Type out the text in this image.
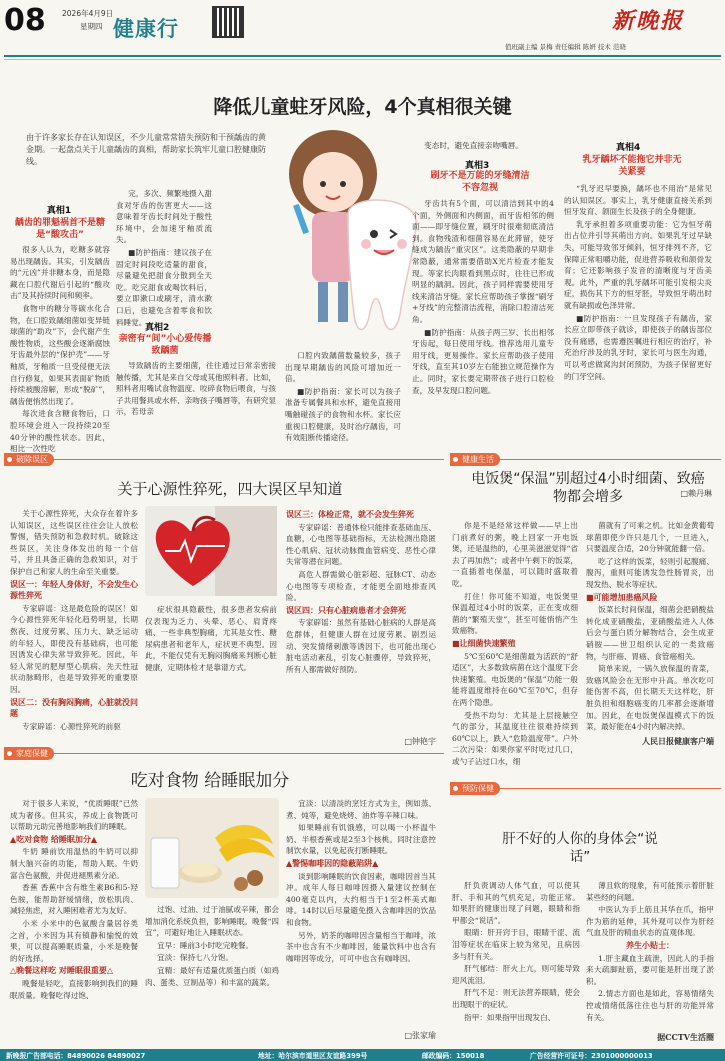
08 2026年4月9日
星期四 健康行	新晚报
值班副主编 景梅 责任编辑 陈妍 技术 范晓
降低儿童蛀牙风险，4个真相很关键
由于许多家长存在认知误区，不少儿童常常错失预防和干预龋齿的黄金期。一起盘点关于儿童龋齿的真相，帮助家长筑牢儿童口腔健康防线。
真相1
龋齿的罪魁祸首不是糖是“酸攻击”

很多人认为，吃糖多就容易出现龋齿。其实，引发龋齿的“元凶”并非糖本身，而是隐藏在口腔代谢后引起的“酸攻击”及其持续时间和频率。

食物中的糖分等碳水化合物，在口腔致龋细菌如变异链球菌的“助攻”下，会代谢产生酸性物质，这些酸会逐渐腐蚀牙齿最外层的“保护壳”——牙釉质，牙釉质一旦受侵便无法自行修复，如果其表面矿物质持续被酸溶解，形成“脱矿”，龋齿便悄然出现了。

每次进食含糖食物后，口腔环境会进入一段持续20至40分钟的酸性状态。因此，相比一次性吃

完，多次、频繁地摄入甜食对牙齿的伤害更大——这意味着牙齿长时间处于酸性环境中，会加速牙釉质流失。

■防护指南：建议孩子在固定时间段吃适量的甜食，尽量避免把甜食分散到全天吃。吃完甜食或喝饮料后，要立即漱口或刷牙，清水漱口后，也避免含着零食和饮料睡觉。

真相2
亲密有“间”小心爱传播致龋菌

导致龋齿的主要细菌，往往通过日常亲密接触传播，尤其是来自父母或其他照料者。比如，照料者用嘴试食物温度、咬碎食物后喂食，与孩子共用餐具或水杯、亲吻孩子嘴唇等，有研究显示，若母亲

口腔内致龋菌数量较多，孩子出现早期龋齿的风险可增加近一倍。

■防护指南：家长可以为孩子准备专属餐具和水杯，避免直接用嘴触碰孩子的食物和水杯。家长应重视口腔健康，及时治疗龋齿，可有效阻断传播途径。

变态时，避免直接亲吻嘴唇。

真相3
刷牙不是万能的牙缝清洁不容忽视

牙齿共有5个面，可以清洁到其中的4个面，外侧面和内侧面，而牙齿相邻的侧面——即牙缝位置，刷牙时很难彻底清洁到。食物残渣和细菌容易在此滞留，使牙缝成为龋齿“重灾区”。这类隐蔽的早期非常隐蔽，通常需要借助X光片检查才能发现。等家长肉眼看到黑点时，往往已形成明显的龋洞。因此，孩子同样需要使用牙线来清洁牙缝。家长应帮助孩子掌握“刷牙+牙线”的完整清洁流程，消除口腔清洁死角。

■防护指南：从孩子两三岁、长出相邻牙齿起，每日使用牙线。推荐选用儿童专用牙线，更易操作。家长应帮助孩子使用牙线，直至其10岁左右能独立规范操作为止。同时，家长要定期带孩子进行口腔检查，及早发现口腔问题。

真相4
乳牙龋坏不能拖它并非无关紧要

“乳牙迟早要换，龋坏也不用治”是常见的认知误区。事实上，乳牙健康直接关系到恒牙发育、颌面生长及孩子的全身健康。

乳牙承担着多项重要功能：它为恒牙萌出占位并引导其萌出方向。如果乳牙过早缺失，可能导致邻牙倾斜，恒牙排列不齐，它保障正常咀嚼功能，促进营养吸收和颌骨发育；它还影响孩子发音的清晰度与牙齿美观。此外，严重的乳牙龋坏可能引发根尖炎症，损伤其下方的恒牙胚，导致恒牙萌出时就有缺损或色泽异常。

■防护指南：一旦发现孩子有龋齿，家长应立即带孩子就诊，即使孩子的龋齿部位没有痛感，也需遵医嘱进行相应的治疗，补充治疗涉及的乳牙时，家长可与医生沟通，可以考虑做窝沟封闭预防，为孩子保留更好的门牙空间。

□赖丹琳
破除误区
关于心源性猝死，四大误区早知道

关于心源性猝死，大众存在着许多认知误区，这些误区往往会让人放松警惕，错失预防和急救时机。破除这些误区，关注身体发出的每一个信号，并且具备正确的急救知识，对于保护自己和家人的生命至关重要。

误区一：年轻人身体好，不会发生心源性猝死

专家辟谣：这是最危险的误区！如今心源性猝死年轻化趋势明显，长期熬夜、过度劳累、压力大、缺乏运动的年轻人，即使没有基础病，也可能因诱发心律失常导致猝死。因此，年轻人常见的肥厚型心肌病、先天性冠状动脉畸形，也是导致猝死的重要原因。

误区二：没有胸闷胸痛，心脏就没问题

专家辟谣：心源性猝死的前驱

症状很具隐蔽性，很多患者发病前仅表现为乏力、头晕、恶心、肩背疼痛、一些非典型胸痛，尤其是女性、糖尿病患者和老年人，症状更不典型。因此，不能仅凭有无胸闷胸痛来判断心脏健康，定期体检才是靠谱方式。

误区三：体检正常，就不会发生猝死

专家辟谣：普通体检只能排查基础血压、血糖，心电图等基础指标，无法检测出隐匿性心肌病、冠状动脉微血管病变、恶性心律失常等潜在问题。

高危人群需做心脏彩超、冠脉CT、动态心电图等专项检查，才能更全面地排查风险。

误区四：只有心脏病患者才会猝死

专家辟谣：虽然有基础心脏病的人群是高危群体，但健康人群在过度劳累、剧烈运动、突发情绪刺激等诱因下，也可能出现心脏电活动紊乱，引发心脏骤停，导致猝死，所有人都需做好预防。

□钟艳宇
健康生活
电饭煲“保温”别超过4小时细菌、致癌物都会增多

你是不是经常这样做——早上出门前煮好的粥，晚上回家一开电饭煲，还是温热的，心里美滋滋觉得“省去了再加热”；或者中午剩下的饭菜，一直插着电保温，可以随时盛取着吃。

打住！你可能不知道，电饭煲里保温超过4小时的饭菜，正在变成细菌的“繁殖天堂”，甚至可能悄悄产生致癌物。

■让细菌快速繁殖

5℃至60℃是细菌最为活跃的“舒适区”，大多数致病菌在这个温度下会快速繁殖。电饭煲的“保温”功能一般能将温度维持在60℃至70℃，但存在两个隐患。

受热不均匀：尤其是上层接触空气的部分，其温度往往很难持续到60℃以上，跌入“危险温度带”。户外二次污染：如果你家平时吃过几口，或勺子沾过口水，细

菌就有了可乘之机。比如金黄葡萄球菌即使少许只是几个，一旦进入，只要温度合适，20分钟就能翻一倍。

吃了这样的饭菜，轻则引起腹痛、腹泻，重则可能诱发急性肠胃炎，出现发热、脱水等症状。

■可能增加患癌风险

饭菜长时间保温，细菌会把硝酸盐转化成亚硝酸盐，亚硝酸盐进入人体后会与蛋白质分解物结合，会生成亚硝胺——世卫组织认定的一类致癌物，与肝癌、胃癌、食管癌相关。

简单来说，一锅久放保温的青菜，致癌风险会在无形中升高。单次吃可能伤害不高，但长期天天这样吃，肝脏负担和细胞癌变的几率都会逐渐增加。因此，在电饭煲保温模式下的饭菜，最好能在4小时内解决掉。

人民日报健康客户端
家庭保健
吃对食物 给睡眠加分

对于很多人来说，“优质睡眠”已然成为奢侈。但其实，养成上食物既可以帮助元助完善地影响我们的睡眠。

▲吃对食物 给睡眠加分▲

牛奶 睡前饮用温热的牛奶可以抑制大脑兴奋的功能，帮助入眠。牛奶富含色氨酸，并促进褪黑素分泌。

香蕉 香蕉中含有维生素B6和5-羟色胺，能帮助舒缓情绪，放松肌肉、减轻焦虑，对入睡困难者尤为友好。

小米 小米中的色氨酸含量居谷类之首，小米因为其有镇静和愉悦的效果，可以提高睡眠质量，小米是晚餐的好选择。

△晚餐这样吃 对睡眠很重要△

晚餐是轻吃，直接影响到我们的睡眠质量。晚餐吃得过饱、

过饱、过油、过于油腻或辛辣，都会增加消化系统负担，影响睡眠。晚餐“四宜”，可避好地让入睡眠状态。

宜早：睡前3小时吃完晚餐。

宜淡：保持七八分饱。

宜精：最好有适量优质蛋白质（如鸡肉、蛋类、豆制品等）和丰富的蔬菜。

宜淡：以清淡的烹饪方式为主，例如蒸、煮、炖等，避免烧烤、油炸等辛辣口味。

如果睡前有饥饿感，可以喝一小杯温牛奶、半根香蕉或是2至3个核桃。同时注意控制饮水量，以免起夜打断睡眠。

▲警惕咖啡因的隐蔽陷阱▲

谈到影响睡眠的饮食因素，咖啡因首当其冲。成年人每日咖啡因摄入量建议控制在400毫克以内，大约相当于1至2杯美式咖啡。14时以后尽量避免摄入含咖啡因的饮品和食物。

另外，奶茶的咖啡因含量相当于咖啡，浓茶中也含有不少咖啡因，能量饮料中也含有咖啡因等成分，可可中也含有咖啡因。

□张家瑜
预防保健
肝不好的人你的身体会“说话”

肝负责调动人体气血，可以使其肝、手和其的气机充足，功能正常。如果肝的健康出现了问题，眼睛和指甲都会“说话”。

眼睛：肝开窍于目，眼睛干涩、流泪等症状在临床上较为常见，且病因多与肝有关。

肝气郁结：肝火上亢，则可能导致迎风流泪。

肝气不足：则无法营养眼睛，使会出现眼干的症状。

指甲：如果指甲出现发白、

薄且软的现象，有可能预示着肝脏某些经的问题。

中医认为手上筋且其华在爪，指甲作为筋的延伸，其外观可以作为肝经气血及肝的精血状态的直观体现。

养生小贴士：

1.肝主藏血主疏泄，因此人的手指来大疏脚趾筋，要可能是肝出现了淤积。

2.情志方面也是如此，容易情绪失控或情绪低落往往也与肝的功能异常有关。

据CCTV生活圈
新晚报广告部电话：84890026 84890027	地址：哈尔滨市道里区友谊路399号	邮政编码：150018	广告经营许可证号：2301000000013
